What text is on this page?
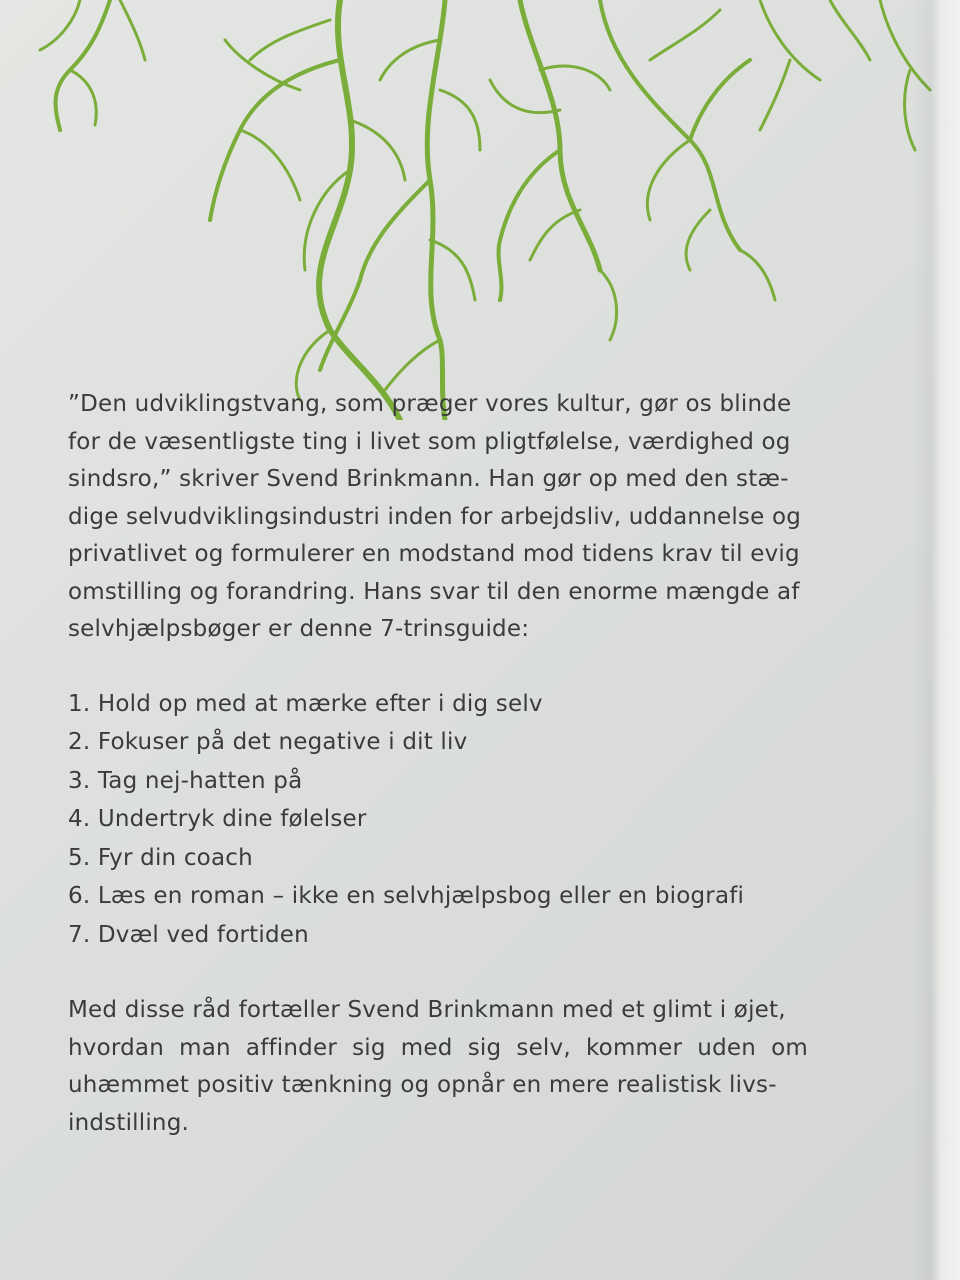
”Den udviklingstvang, som præger vores kultur, gør os blinde
for de væsentligste ting i livet som pligtfølelse, værdighed og
sindsro,” skriver Svend Brinkmann. Han gør op med den stæ-
dige selvudviklingsindustri inden for arbejdsliv, uddannelse og
privatlivet og formulerer en modstand mod tidens krav til evig
omstilling og forandring. Hans svar til den enorme mængde af
selvhjælpsbøger er denne 7-trinsguide:
1. Hold op med at mærke efter i dig selv
2. Fokuser på det negative i dit liv
3. Tag nej-hatten på
4. Undertryk dine følelser
5. Fyr din coach
6. Læs en roman – ikke en selvhjælpsbog eller en biografi
7. Dvæl ved fortiden
Med disse råd fortæller Svend Brinkmann med et glimt i øjet,
hvordan man affinder sig med sig selv, kommer uden om
uhæmmet positiv tænkning og opnår en mere realistisk livs-
indstilling.
